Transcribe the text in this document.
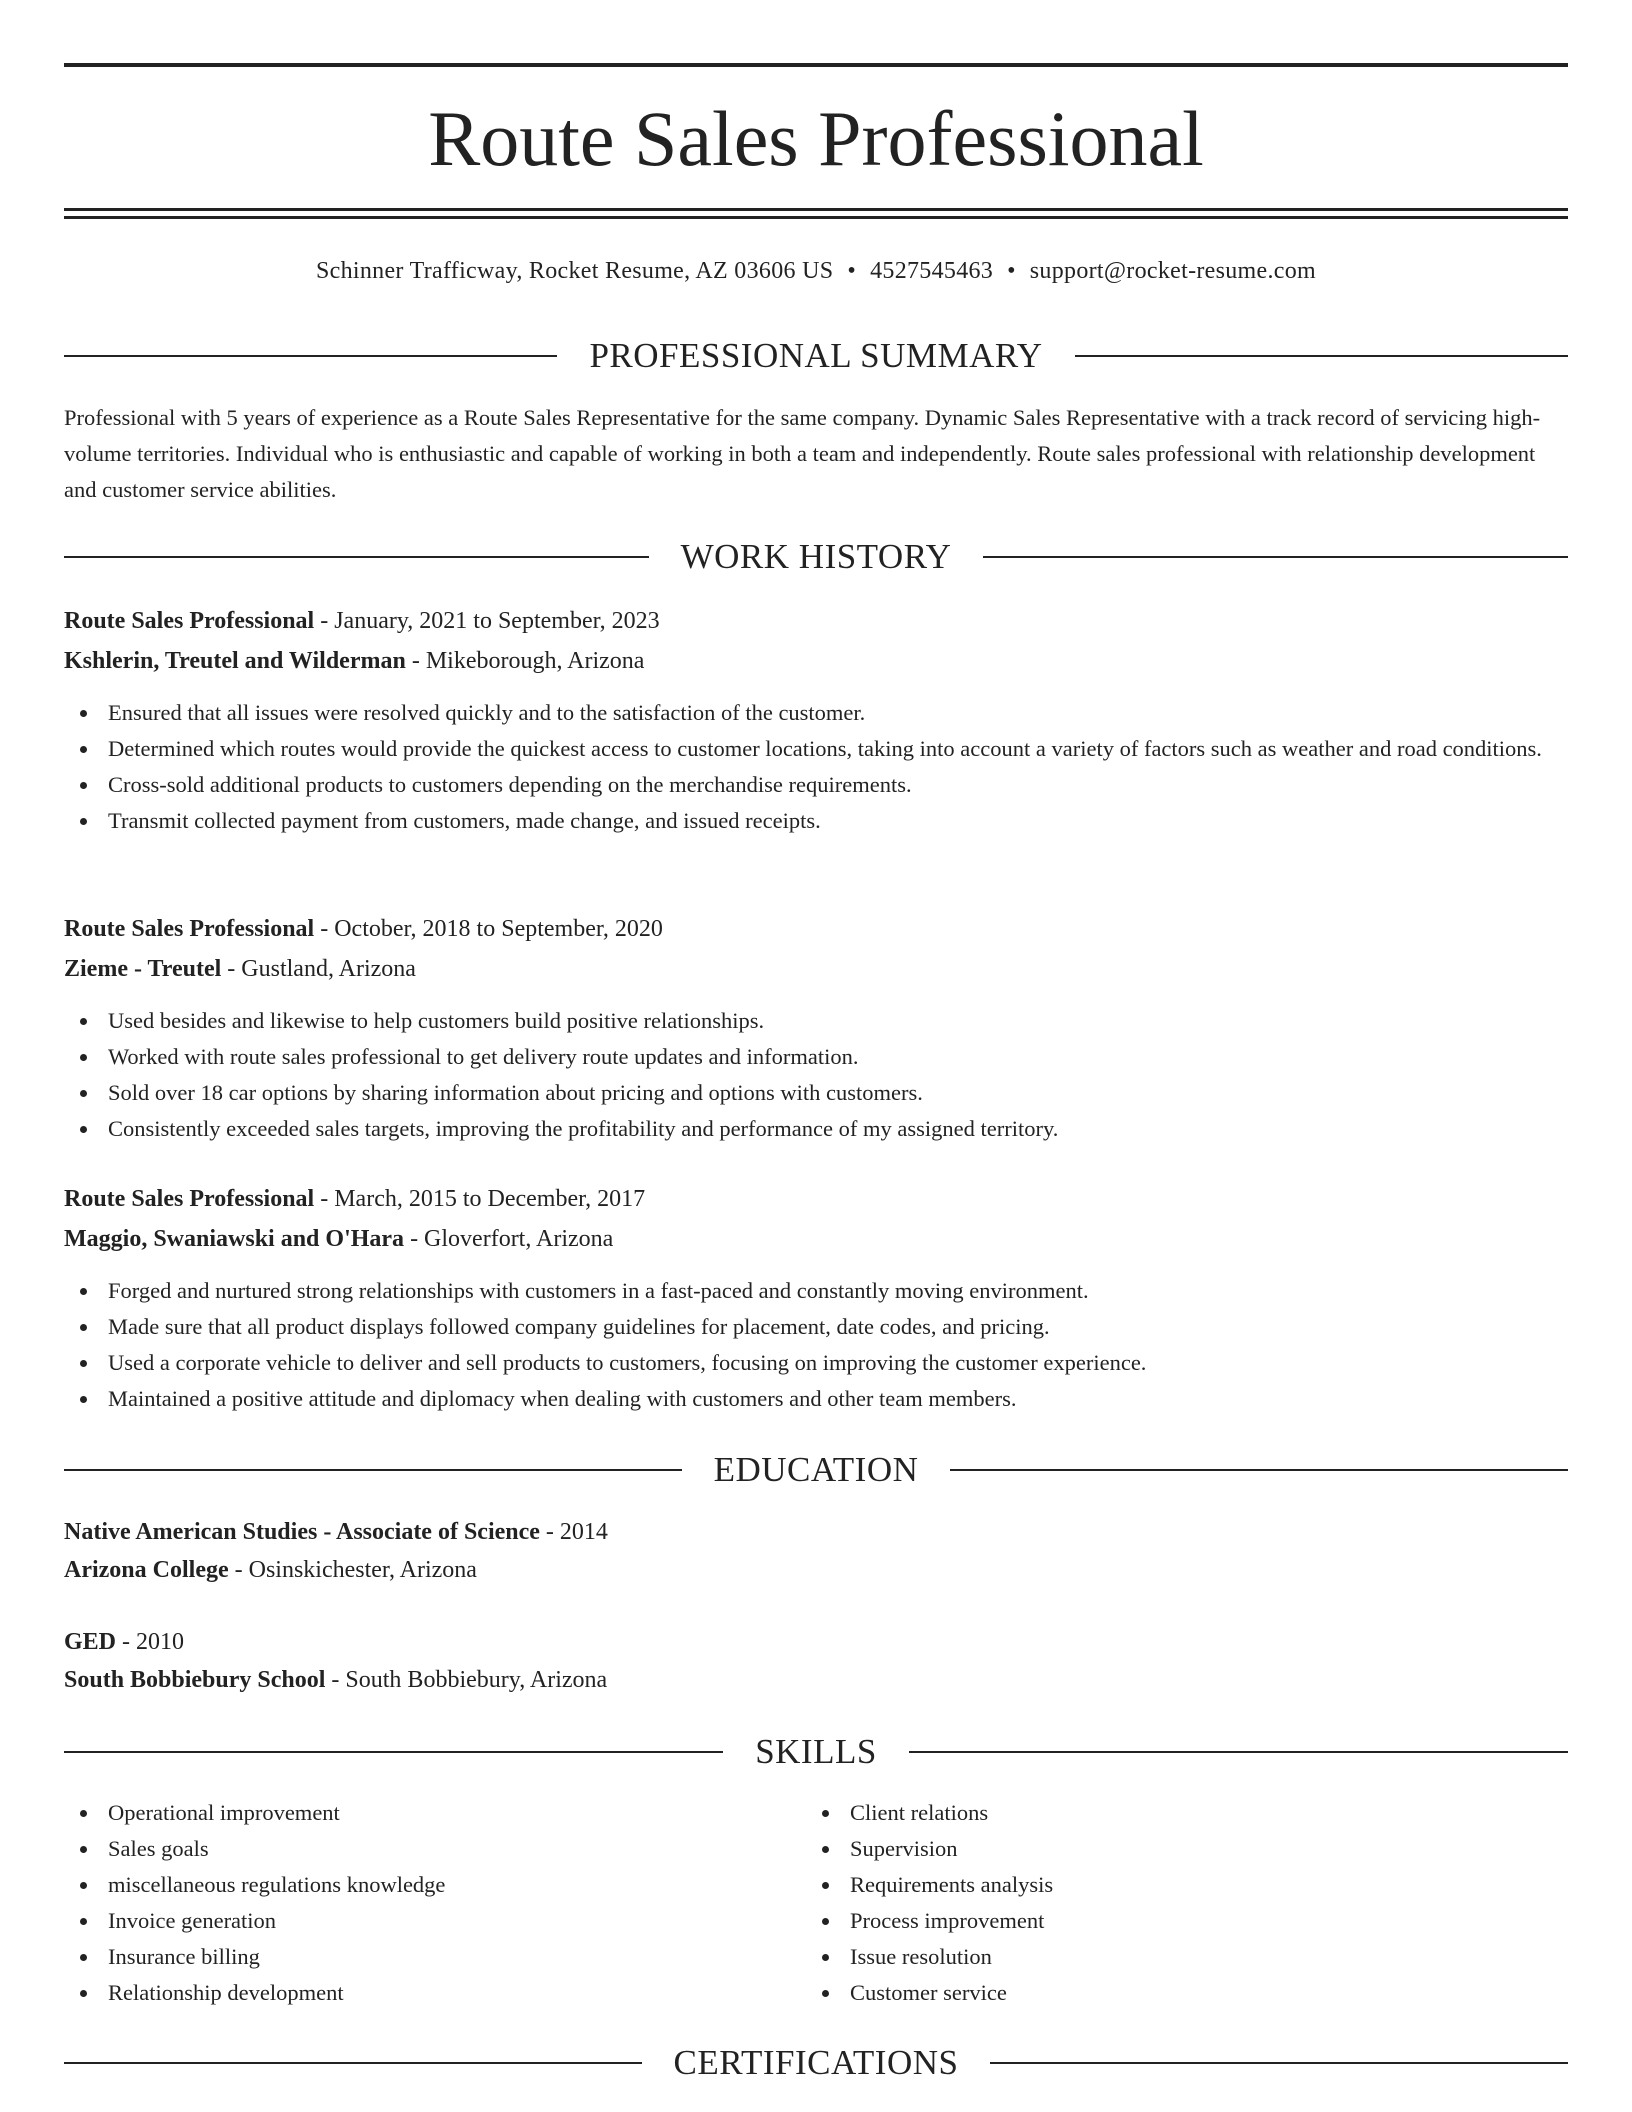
Route Sales Professional
Schinner Trafficway, Rocket Resume, AZ 03606 US • 4527545463 • support@rocket-resume.com
PROFESSIONAL SUMMARY

Professional with 5 years of experience as a Route Sales Representative for the same company. Dynamic Sales Representative with a track record of servicing high-volume territories. Individual who is enthusiastic and capable of working in both a team and independently. Route sales professional with relationship development and customer service abilities.

WORK HISTORY
Route Sales Professional - January, 2021 to September, 2023
Kshlerin, Treutel and Wilderman - Mikeborough, Arizona
Ensured that all issues were resolved quickly and to the satisfaction of the customer.
Determined which routes would provide the quickest access to customer locations, taking into account a variety of factors such as weather and road conditions.
Cross-sold additional products to customers depending on the merchandise requirements.
Transmit collected payment from customers, made change, and issued receipts.
Route Sales Professional - October, 2018 to September, 2020
Zieme - Treutel - Gustland, Arizona
Used besides and likewise to help customers build positive relationships.
Worked with route sales professional to get delivery route updates and information.
Sold over 18 car options by sharing information about pricing and options with customers.
Consistently exceeded sales targets, improving the profitability and performance of my assigned territory.
Route Sales Professional - March, 2015 to December, 2017
Maggio, Swaniawski and O'Hara - Gloverfort, Arizona
Forged and nurtured strong relationships with customers in a fast-paced and constantly moving environment.
Made sure that all product displays followed company guidelines for placement, date codes, and pricing.
Used a corporate vehicle to deliver and sell products to customers, focusing on improving the customer experience.
Maintained a positive attitude and diplomacy when dealing with customers and other team members.
EDUCATION
Native American Studies - Associate of Science - 2014
Arizona College - Osinskichester, Arizona
GED - 2010
South Bobbiebury School - South Bobbiebury, Arizona
SKILLS
Operational improvement
Sales goals
miscellaneous regulations knowledge
Invoice generation
Insurance billing
Relationship development
Client relations
Supervision
Requirements analysis
Process improvement
Issue resolution
Customer service
CERTIFICATIONS
